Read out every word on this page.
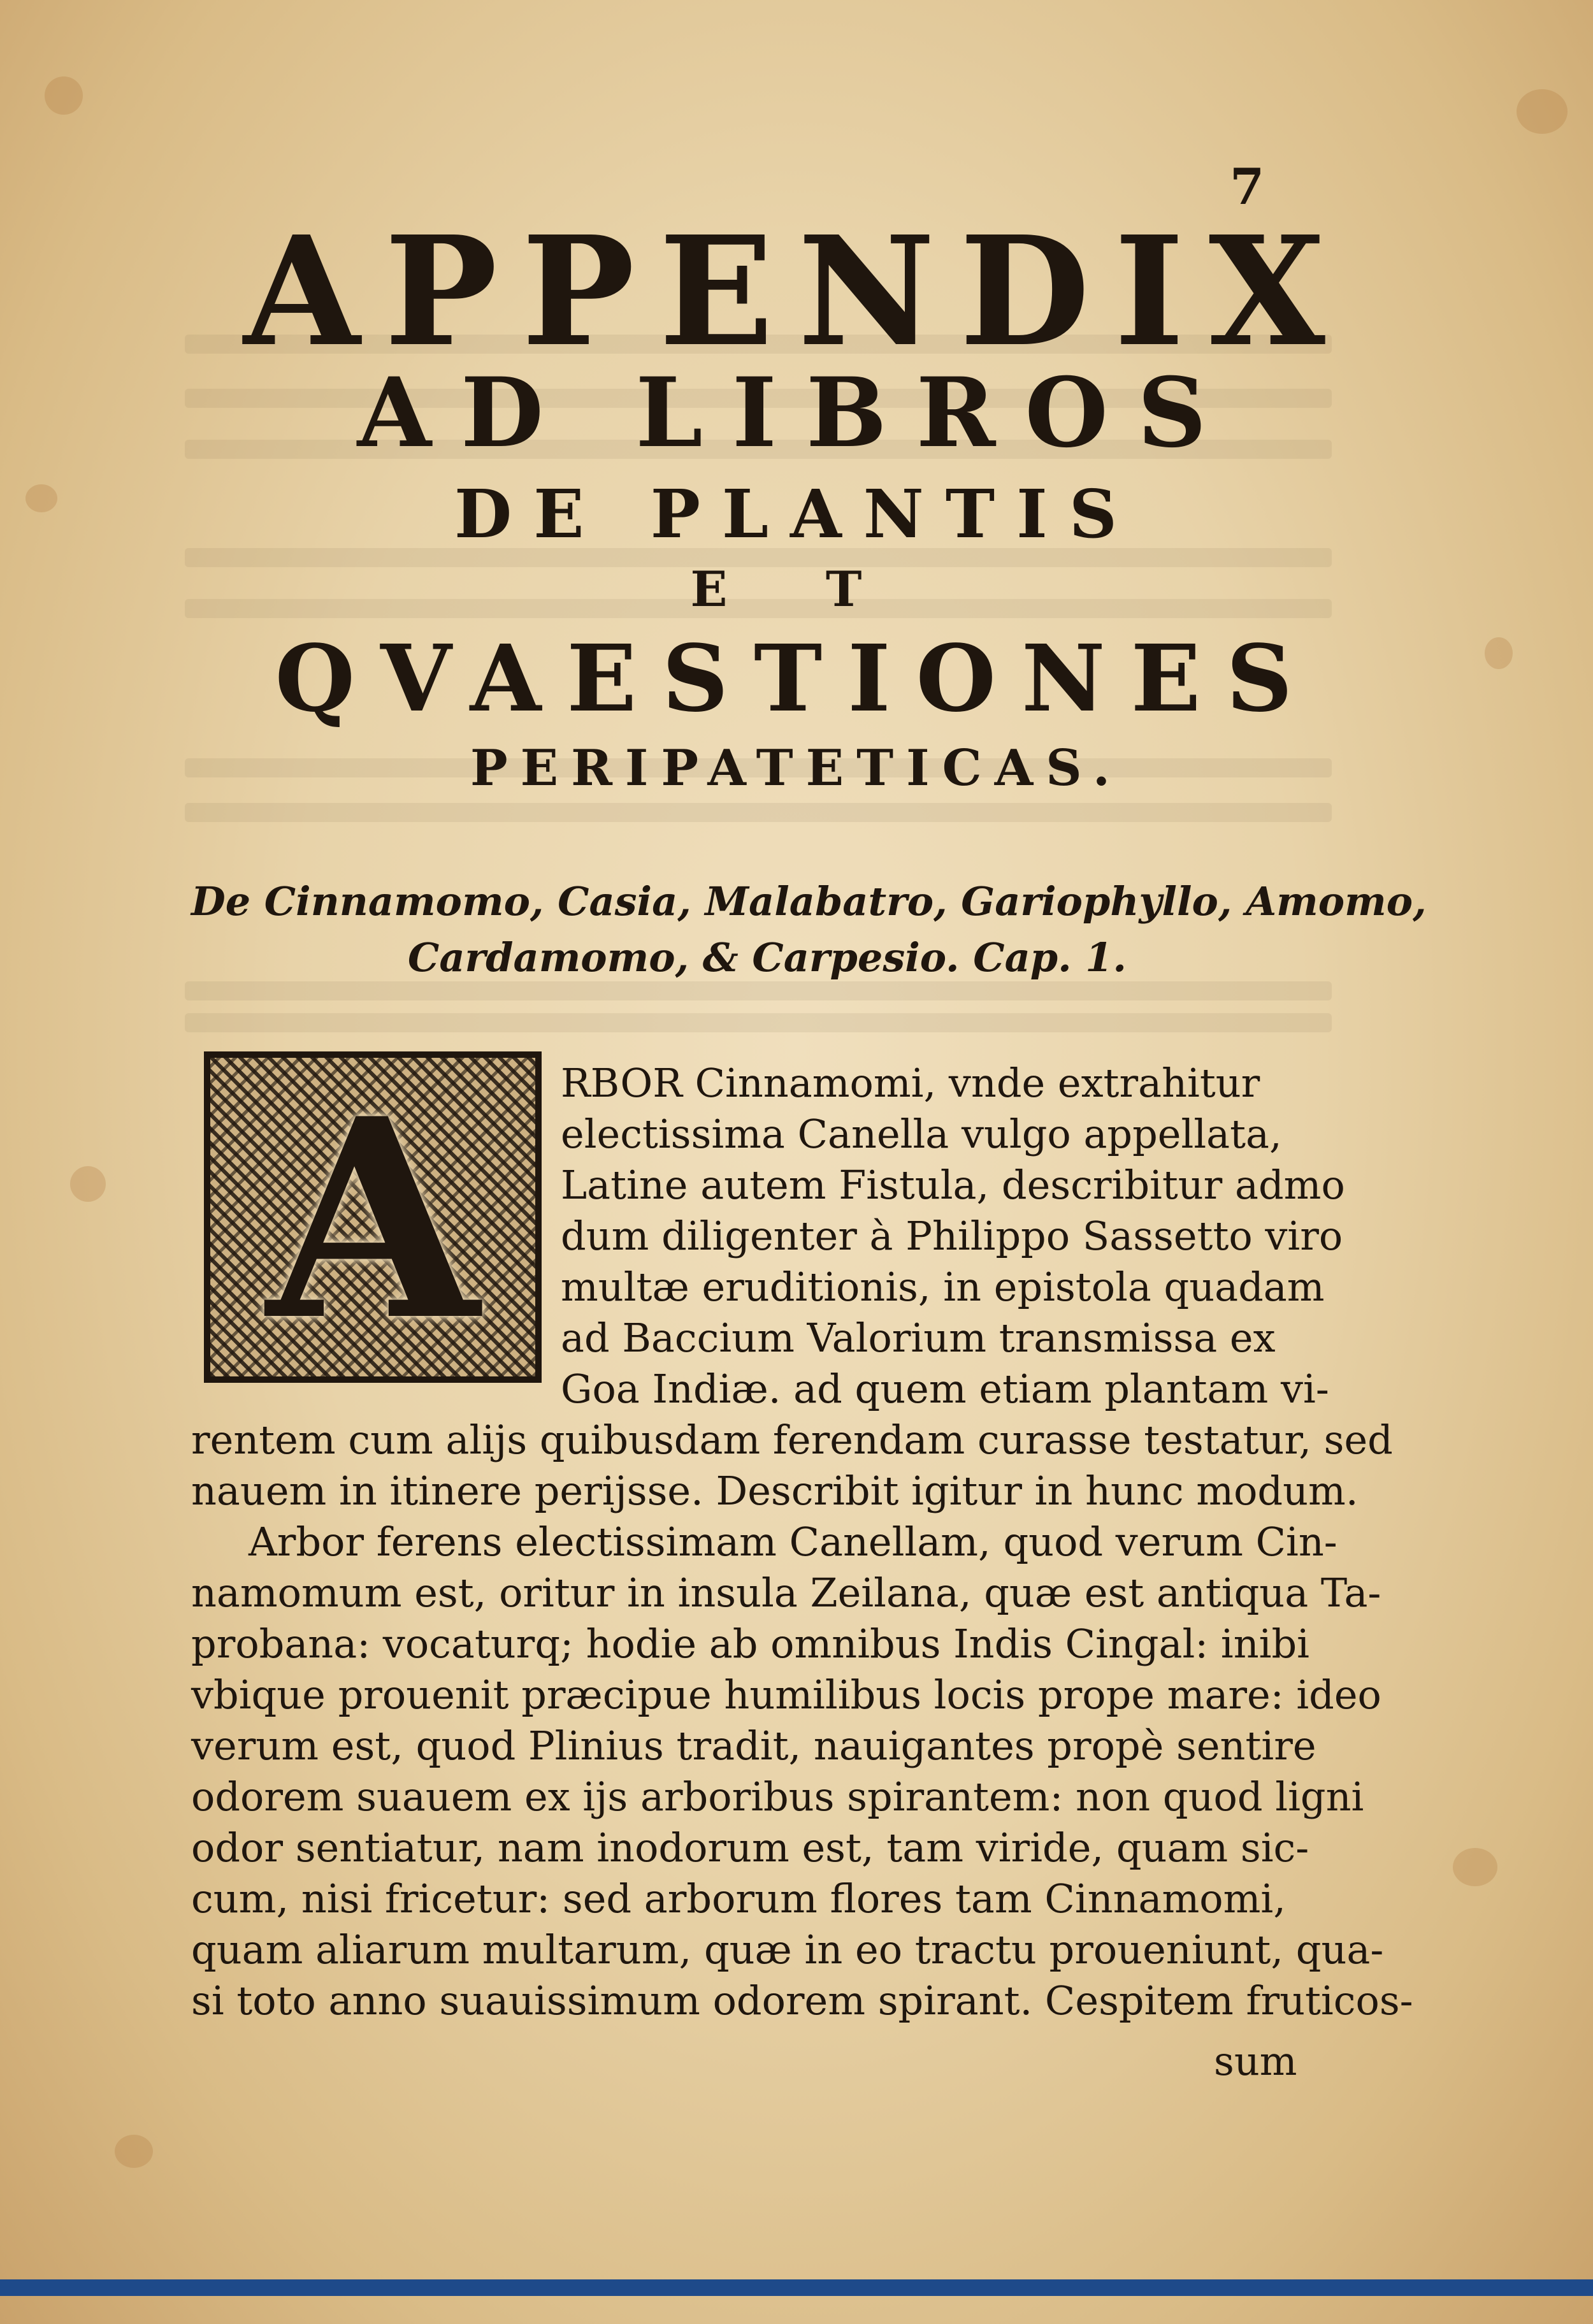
7
APPENDIX
AD LIBROS
DE PLANTIS
E T
QVAESTIONES
PERIPATETICAS.
De Cinnamomo, Casia, Malabatro, Gariophyllo, Amomo,
Cardamomo, & Carpesio. Cap. 1.
A	RBOR Cinnamomi, vnde extrahitur
electissima Canella vulgo appellata,
Latine autem Fistula, describitur admo
dum diligenter à Philippo Sassetto viro
multæ eruditionis, in epistola quadam
ad Baccium Valorium transmissa ex
Goa Indiæ. ad quem etiam plantam vi-
rentem cum alijs quibusdam ferendam curasse testatur, sed
nauem in itinere perijsse. Describit igitur in hunc modum.
Arbor ferens electissimam Canellam, quod verum Cin-
namomum est, oritur in insula Zeilana, quæ est antiqua Ta-
probana: vocaturq; hodie ab omnibus Indis Cingal: inibi
vbique prouenit præcipue humilibus locis prope mare: ideo
verum est, quod Plinius tradit, nauigantes propè sentire
odorem suauem ex ijs arboribus spirantem: non quod ligni
odor sentiatur, nam inodorum est, tam viride, quam sic-
cum, nisi fricetur: sed arborum flores tam Cinnamomi,
quam aliarum multarum, quæ in eo tractu proueniunt, qua-
si toto anno suauissimum odorem spirant. Cespitem fruticos-
sum
